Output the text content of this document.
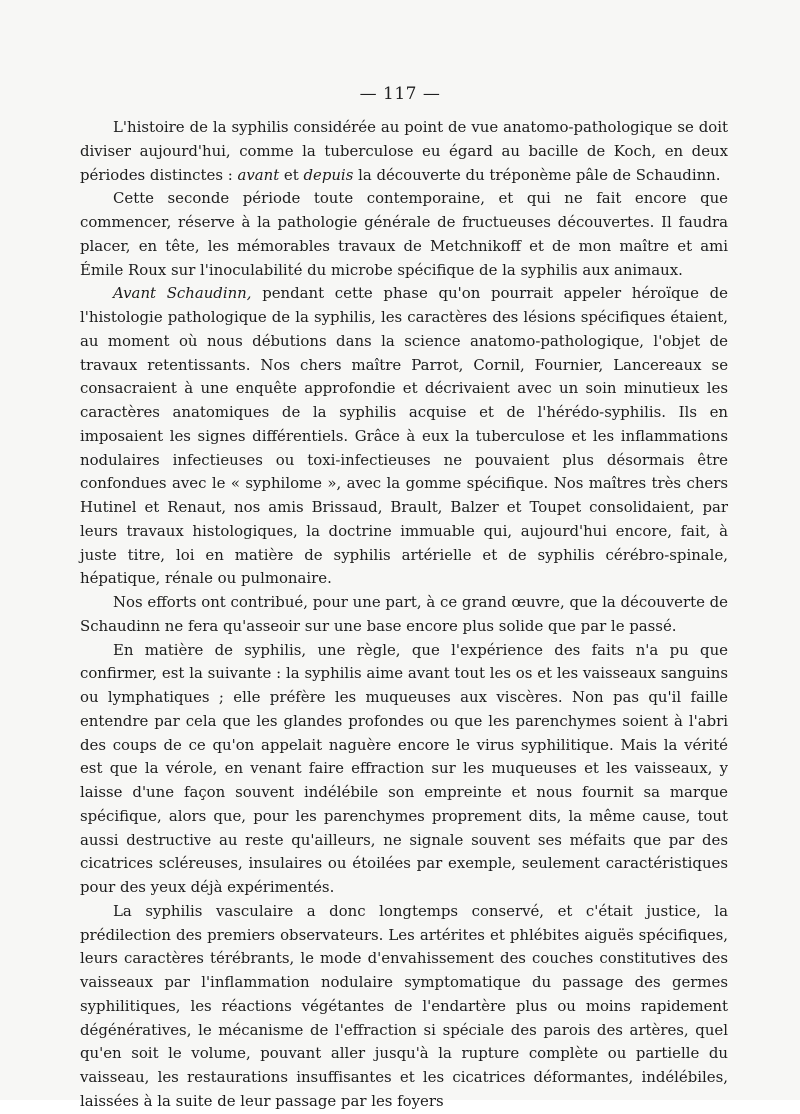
— 117 —

L'histoire de la syphilis considérée au point de vue anatomo-pathologique se doit diviser aujourd'hui, comme la tuberculose eu égard au bacille de Koch, en deux périodes distinctes : avant et depuis la découverte du tréponème pâle de Schaudinn.

Cette seconde période toute contemporaine, et qui ne fait encore que commencer, réserve à la pathologie générale de fructueuses découvertes. Il faudra placer, en tête, les mémorables travaux de Metchnikoff et de mon maître et ami Émile Roux sur l'inoculabilité du microbe spécifique de la syphilis aux animaux.

Avant Schaudinn, pendant cette phase qu'on pourrait appeler héroïque de l'histologie pathologique de la syphilis, les caractères des lésions spécifiques étaient, au moment où nous débutions dans la science anatomo-pathologique, l'objet de travaux retentissants. Nos chers maître Parrot, Cornil, Fournier, Lancereaux se consacraient à une enquête approfondie et décrivaient avec un soin minutieux les caractères anatomiques de la syphilis acquise et de l'hérédo-syphilis. Ils en imposaient les signes différentiels. Grâce à eux la tuberculose et les inflammations nodulaires infectieuses ou toxi-infectieuses ne pouvaient plus désormais être confondues avec le « syphilome », avec la gomme spécifique. Nos maîtres très chers Hutinel et Renaut, nos amis Brissaud, Brault, Balzer et Toupet consolidaient, par leurs travaux histologiques, la doctrine immuable qui, aujourd'hui encore, fait, à juste titre, loi en matière de syphilis artérielle et de syphilis cérébro-spinale, hépatique, rénale ou pulmonaire.

Nos efforts ont contribué, pour une part, à ce grand œuvre, que la découverte de Schaudinn ne fera qu'asseoir sur une base encore plus solide que par le passé.

En matière de syphilis, une règle, que l'expérience des faits n'a pu que confirmer, est la suivante : la syphilis aime avant tout les os et les vaisseaux sanguins ou lymphatiques ; elle préfère les muqueuses aux viscères. Non pas qu'il faille entendre par cela que les glandes profondes ou que les parenchymes soient à l'abri des coups de ce qu'on appelait naguère encore le virus syphilitique. Mais la vérité est que la vérole, en venant faire effraction sur les muqueuses et les vaisseaux, y laisse d'une façon souvent indélébile son empreinte et nous fournit sa marque spécifique, alors que, pour les parenchymes proprement dits, la même cause, tout aussi destructive au reste qu'ailleurs, ne signale souvent ses méfaits que par des cicatrices scléreuses, insulaires ou étoilées par exemple, seulement caractéristiques pour des yeux déjà expérimentés.

La syphilis vasculaire a donc longtemps conservé, et c'était justice, la prédilection des premiers observateurs. Les artérites et phlébites aiguës spécifiques, leurs caractères térébrants, le mode d'envahissement des couches constitutives des vaisseaux par l'inflammation nodulaire symptomatique du passage des germes syphilitiques, les réactions végétantes de l'endartère plus ou moins rapidement dégénératives, le mécanisme de l'effraction si spéciale des parois des artères, quel qu'en soit le volume, pouvant aller jusqu'à la rupture complète ou partielle du vaisseau, les restaurations insuffisantes et les cicatrices déformantes, indélébiles, laissées à la suite de leur passage par les foyers
